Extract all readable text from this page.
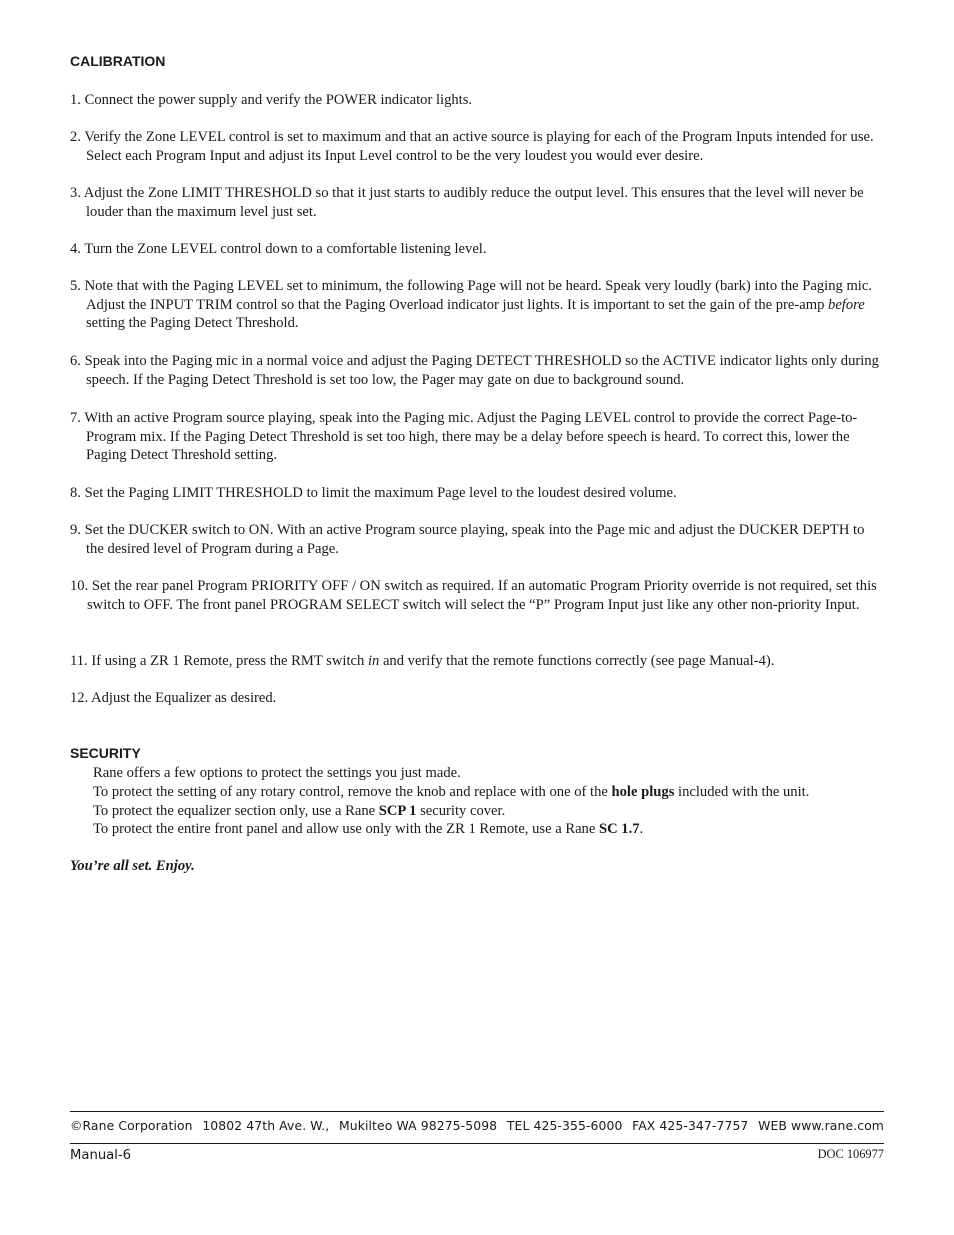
CALIBRATION

1. Connect the power supply and verify the POWER indicator lights.

2. Verify the Zone LEVEL control is set to maximum and that an active source is playing for each of the Program Inputs intended for use. Select each Program Input and adjust its Input Level control to be the very loudest you would ever desire.

3. Adjust the Zone LIMIT THRESHOLD so that it just starts to audibly reduce the output level. This ensures that the level will never be louder than the maximum level just set.

4. Turn the Zone LEVEL control down to a comfortable listening level.

5. Note that with the Paging LEVEL set to minimum, the following Page will not be heard. Speak very loudly (bark) into the Paging mic. Adjust the INPUT TRIM control so that the Paging Overload indicator just lights. It is important to set the gain of the pre-amp before setting the Paging Detect Threshold.

6. Speak into the Paging mic in a normal voice and adjust the Paging DETECT THRESHOLD so the ACTIVE indicator lights only during speech. If the Paging Detect Threshold is set too low, the Pager may gate on due to background sound.

7. With an active Program source playing, speak into the Paging mic. Adjust the Paging LEVEL control to provide the correct Page-to-Program mix. If the Paging Detect Threshold is set too high, there may be a delay before speech is heard. To correct this, lower the Paging Detect Threshold setting.

8. Set the Paging LIMIT THRESHOLD to limit the maximum Page level to the loudest desired volume.

9. Set the DUCKER switch to ON. With an active Program source playing, speak into the Page mic and adjust the DUCKER DEPTH to the desired level of Program during a Page.

10. Set the rear panel Program PRIORITY OFF / ON switch as required. If an automatic Program Priority override is not required, set this switch to OFF. The front panel PROGRAM SELECT switch will select the “P” Program Input just like any other non-priority Input.

11. If using a ZR 1 Remote, press the RMT switch in and verify that the remote functions correctly (see page Manual-4).

12. Adjust the Equalizer as desired.

SECURITY
Rane offers a few options to protect the settings you just made.
To protect the setting of any rotary control, remove the knob and replace with one of the hole plugs included with the unit.
To protect the equalizer section only, use a Rane SCP 1 security cover.
To protect the entire front panel and allow use only with the ZR 1 Remote, use a Rane SC 1.7.
You’re all set. Enjoy.
©Rane Corporation 10802 47th Ave. W., Mukilteo WA 98275-5098 TEL 425-355-6000 FAX 425-347-7757 WEB www.rane.com
Manual-6	DOC 106977
